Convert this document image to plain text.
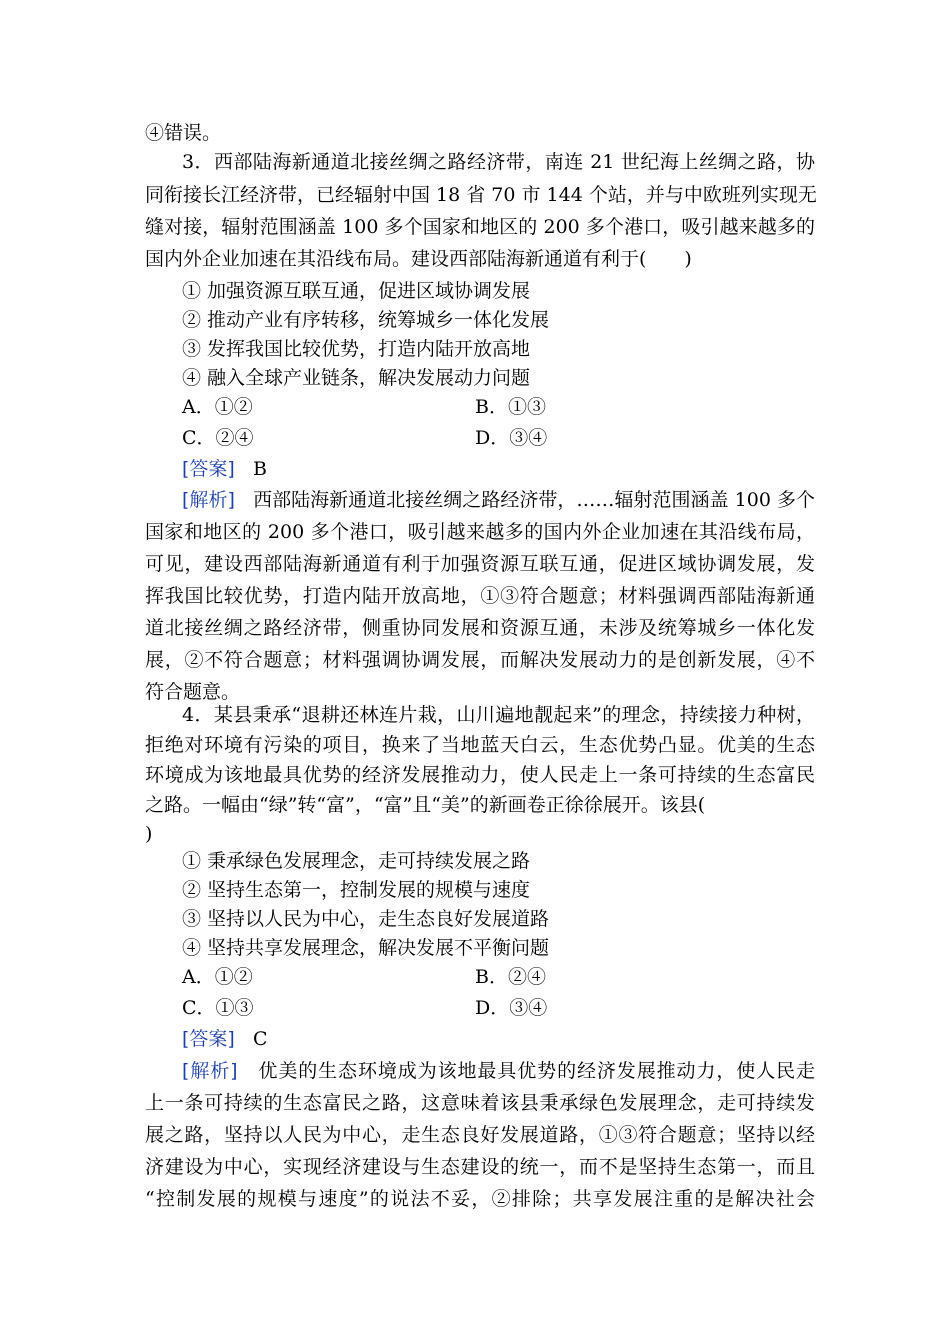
④错误。
3．西部陆海新通道北接丝绸之路经济带，南连 21 世纪海上丝绸之路，协
同衔接长江经济带，已经辐射中国 18 省 70 市 144 个站，并与中欧班列实现无
缝对接，辐射范围涵盖 100 多个国家和地区的 200 多个港口，吸引越来越多的
国内外企业加速在其沿线布局。建设西部陆海新通道有利于(　　)
① 加强资源互联互通，促进区域协调发展
② 推动产业有序转移，统筹城乡一体化发展
③ 发挥我国比较优势，打造内陆开放高地
④ 融入全球产业链条，解决发展动力问题
A．①②	B．①③
C．②④	D．③④
[答案] B
[解析] 西部陆海新通道北接丝绸之路经济带，……辐射范围涵盖 100 多个
国家和地区的 200 多个港口，吸引越来越多的国内外企业加速在其沿线布局，
可见，建设西部陆海新通道有利于加强资源互联互通，促进区域协调发展，发
挥我国比较优势，打造内陆开放高地，①③符合题意；材料强调西部陆海新通
道北接丝绸之路经济带，侧重协同发展和资源互通，未涉及统筹城乡一体化发
展，②不符合题意；材料强调协调发展，而解决发展动力的是创新发展，④不
符合题意。
4．某县秉承“退耕还林连片栽，山川遍地靓起来”的理念，持续接力种树，
拒绝对环境有污染的项目，换来了当地蓝天白云，生态优势凸显。优美的生态
环境成为该地最具优势的经济发展推动力，使人民走上一条可持续的生态富民
之路。一幅由“绿”转“富”，“富”且“美”的新画卷正徐徐展开。该县(
)
① 秉承绿色发展理念，走可持续发展之路
② 坚持生态第一，控制发展的规模与速度
③ 坚持以人民为中心，走生态良好发展道路
④ 坚持共享发展理念，解决发展不平衡问题
A．①②	B．②④
C．①③	D．③④
[答案] C
[解析] 优美的生态环境成为该地最具优势的经济发展推动力，使人民走
上一条可持续的生态富民之路，这意味着该县秉承绿色发展理念，走可持续发
展之路，坚持以人民为中心，走生态良好发展道路，①③符合题意；坚持以经
济建设为中心，实现经济建设与生态建设的统一，而不是坚持生态第一，而且
“控制发展的规模与速度”的说法不妥，②排除；共享发展注重的是解决社会
